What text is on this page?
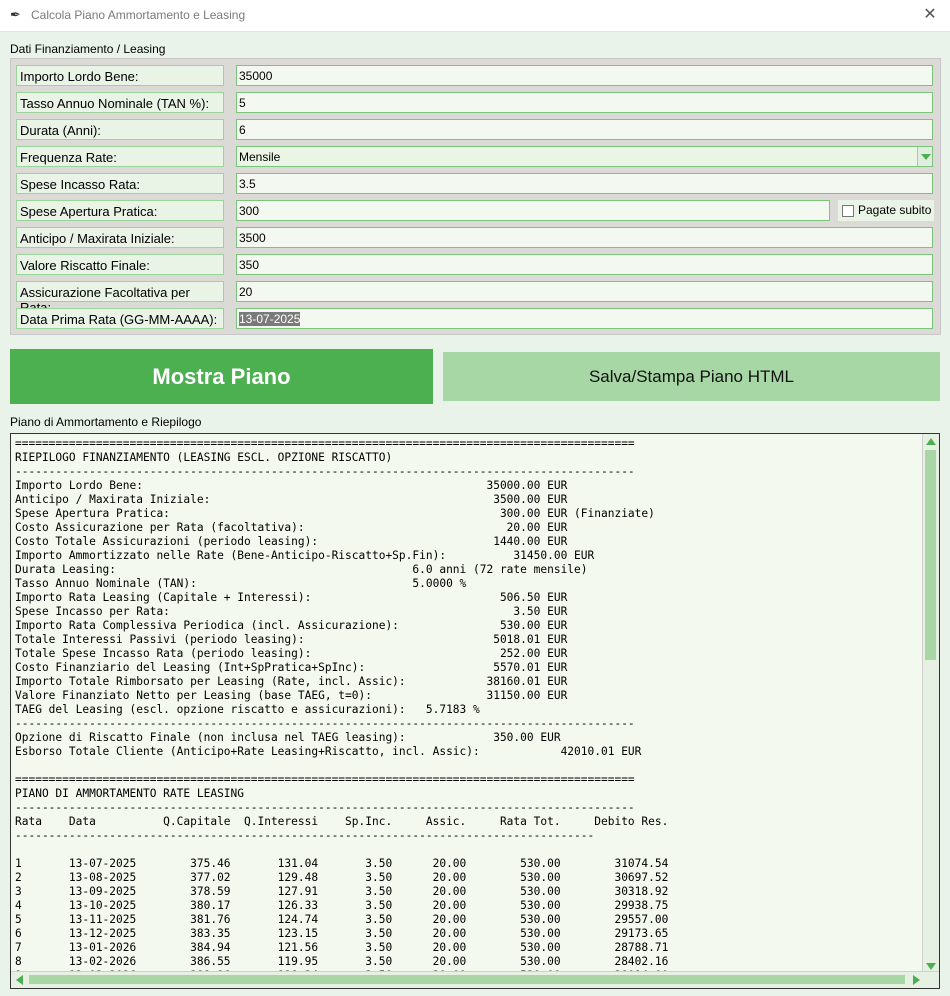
✒ Calcola Piano Ammortamento e Leasing	✕
Dati Finanziamento / Leasing
Importo Lordo Bene:	35000
Tasso Annuo Nominale (TAN %):	5
Durata (Anni):	6
Frequenza Rate:	Mensile
Spese Incasso Rata:	3.5
Spese Apertura Pratica:	300	Pagate subito
Anticipo / Maxirata Iniziale:	3500
Valore Riscatto Finale:	350
Assicurazione Facoltativa per	20
Data Prima Rata (GG-MM-AAAA):	13-07-2025
Mostra Piano	Salva/Stampa Piano HTML
Piano di Ammortamento e Riepilogo
============================================================================================
RIEPILOGO FINANZIAMENTO (LEASING ESCL. OPZIONE RISCATTO)
--------------------------------------------------------------------------------------------
Importo Lordo Bene:                                                   35000.00 EUR
Anticipo / Maxirata Iniziale:                                          3500.00 EUR
Spese Apertura Pratica:                                                 300.00 EUR (Finanziate)
Costo Assicurazione per Rata (facoltativa):                              20.00 EUR
Costo Totale Assicurazioni (periodo leasing):                          1440.00 EUR
Importo Ammortizzato nelle Rate (Bene-Anticipo-Riscatto+Sp.Fin):          31450.00 EUR
Durata Leasing:                                            6.0 anni (72 rate mensile)
Tasso Annuo Nominale (TAN):                                5.0000 %
Importo Rata Leasing (Capitale + Interessi):                            506.50 EUR
Spese Incasso per Rata:                                                   3.50 EUR
Importo Rata Complessiva Periodica (incl. Assicurazione):               530.00 EUR
Totale Interessi Passivi (periodo leasing):                            5018.01 EUR
Totale Spese Incasso Rata (periodo leasing):                            252.00 EUR
Costo Finanziario del Leasing (Int+SpPratica+SpInc):                   5570.01 EUR
Importo Totale Rimborsato per Leasing (Rate, incl. Assic):            38160.01 EUR
Valore Finanziato Netto per Leasing (base TAEG, t=0):                 31150.00 EUR
TAEG del Leasing (escl. opzione riscatto e assicurazioni):   5.7183 %
--------------------------------------------------------------------------------------------
Opzione di Riscatto Finale (non inclusa nel TAEG leasing):             350.00 EUR
Esborso Totale Cliente (Anticipo+Rate Leasing+Riscatto, incl. Assic):            42010.01 EUR

============================================================================================
PIANO DI AMMORTAMENTO RATE LEASING
--------------------------------------------------------------------------------------------
Rata    Data          Q.Capitale  Q.Interessi    Sp.Inc.     Assic.     Rata Tot.     Debito Res.
--------------------------------------------------------------------------------------

1       13-07-2025        375.46       131.04       3.50      20.00        530.00        31074.54
2       13-08-2025        377.02       129.48       3.50      20.00        530.00        30697.52
3       13-09-2025        378.59       127.91       3.50      20.00        530.00        30318.92
4       13-10-2025        380.17       126.33       3.50      20.00        530.00        29938.75
5       13-11-2025        381.76       124.74       3.50      20.00        530.00        29557.00
6       13-12-2025        383.35       123.15       3.50      20.00        530.00        29173.65
7       13-01-2026        384.94       121.56       3.50      20.00        530.00        28788.71
8       13-02-2026        386.55       119.95       3.50      20.00        530.00        28402.16
